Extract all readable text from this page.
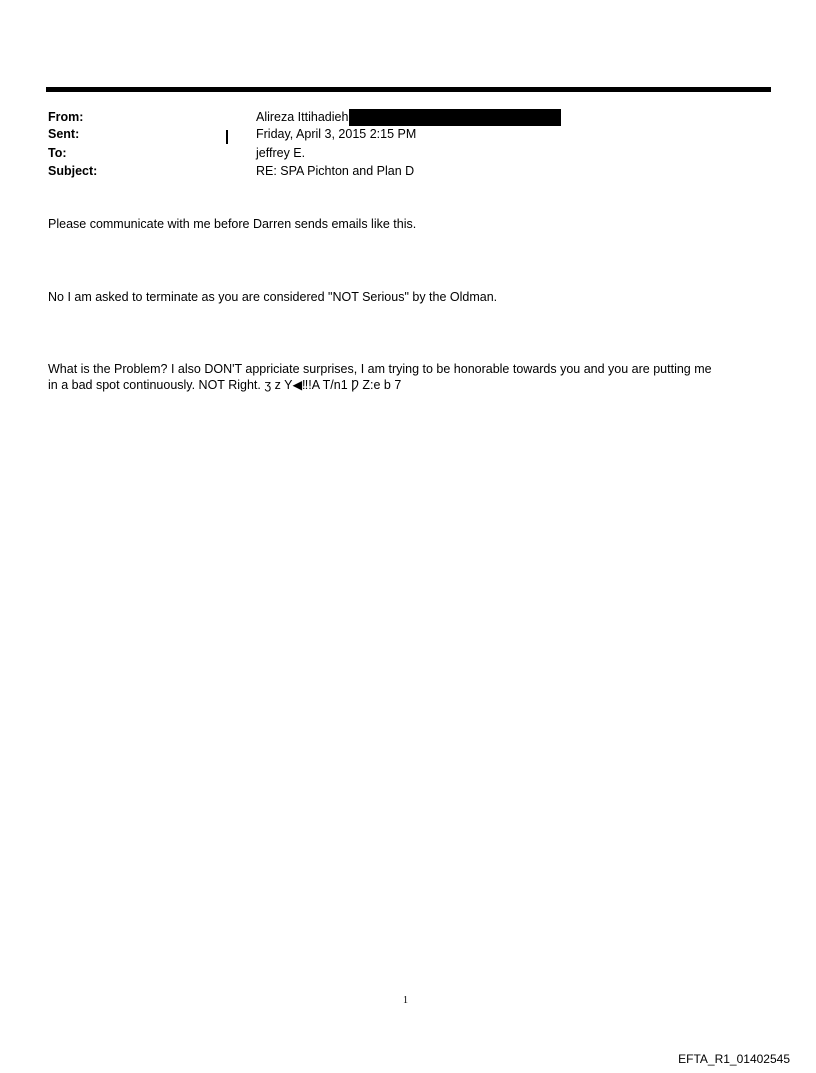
From:	Alireza Ittihadieh
Sent:	Friday, April 3, 2015 2:15 PM
To:	jeffrey E.
Subject:	RE: SPA Pichton and Plan D
Please communicate with me before Darren sends emails like this.
No I am asked to terminate as you are considered "NOT Serious" by the Oldman.
What is the Problem? I also DON'T appriciate surprises, I am trying to be honorable towards you and you are putting me
in a bad spot continuously. NOT Right. ʒ z Y◀‼!A T/n1 Ƿ Z:e b 7
1
EFTA_R1_01402545
